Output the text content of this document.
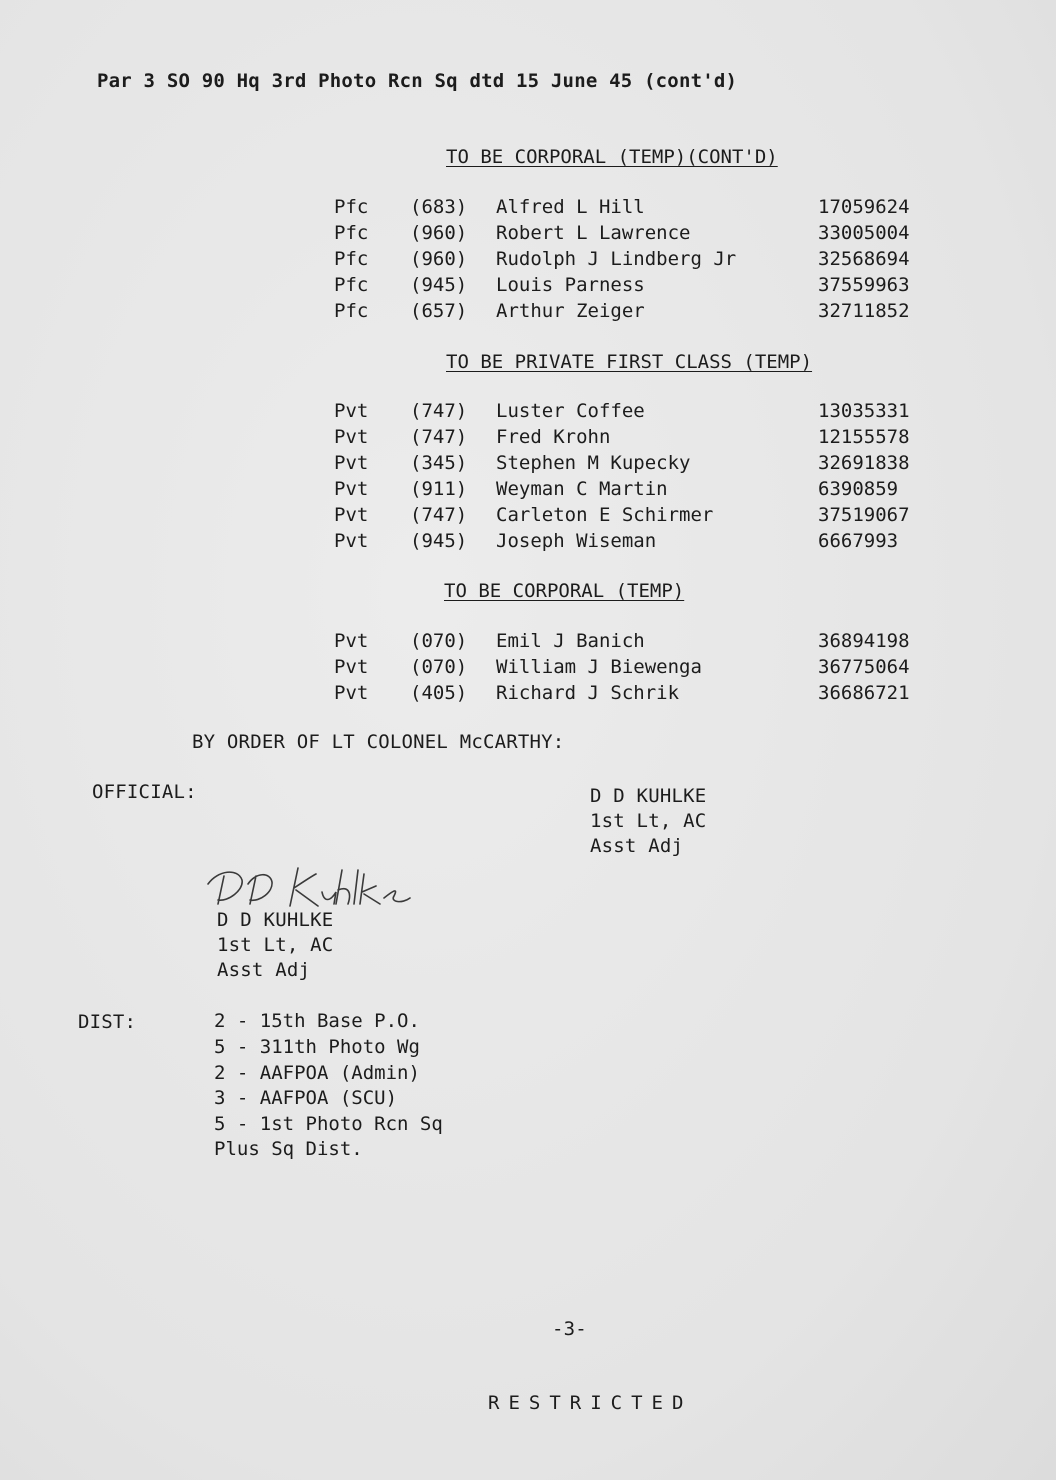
Par 3 SO 90 Hq 3rd Photo Rcn Sq dtd 15 June 45 (cont'd)
TO BE CORPORAL (TEMP)(CONT'D)
Pfc (683) Alfred L Hill	17059624
Pfc (960) Robert L Lawrence	33005004
Pfc (960) Rudolph J Lindberg Jr	32568694
Pfc (945) Louis Parness	37559963
Pfc (657) Arthur Zeiger	32711852
TO BE PRIVATE FIRST CLASS (TEMP)
Pvt (747) Luster Coffee	13035331
Pvt (747) Fred Krohn	12155578
Pvt (345) Stephen M Kupecky	32691838
Pvt (911) Weyman C Martin	6390859
Pvt (747) Carleton E Schirmer	37519067
Pvt (945) Joseph Wiseman	6667993
TO BE CORPORAL (TEMP)
Pvt (070) Emil J Banich	36894198
Pvt (070) William J Biewenga	36775064
Pvt (405) Richard J Schrik	36686721
BY ORDER OF LT COLONEL McCARTHY:
OFFICIAL:	D D KUHLKE
1st Lt, AC
Asst Adj
D D KUHLKE
1st Lt, AC
Asst Adj
DIST:	2 - 15th Base P.O.
5 - 311th Photo Wg
2 - AAFPOA (Admin)
3 - AAFPOA (SCU)
5 - 1st Photo Rcn Sq
Plus Sq Dist.
-3-
RESTRICTED
